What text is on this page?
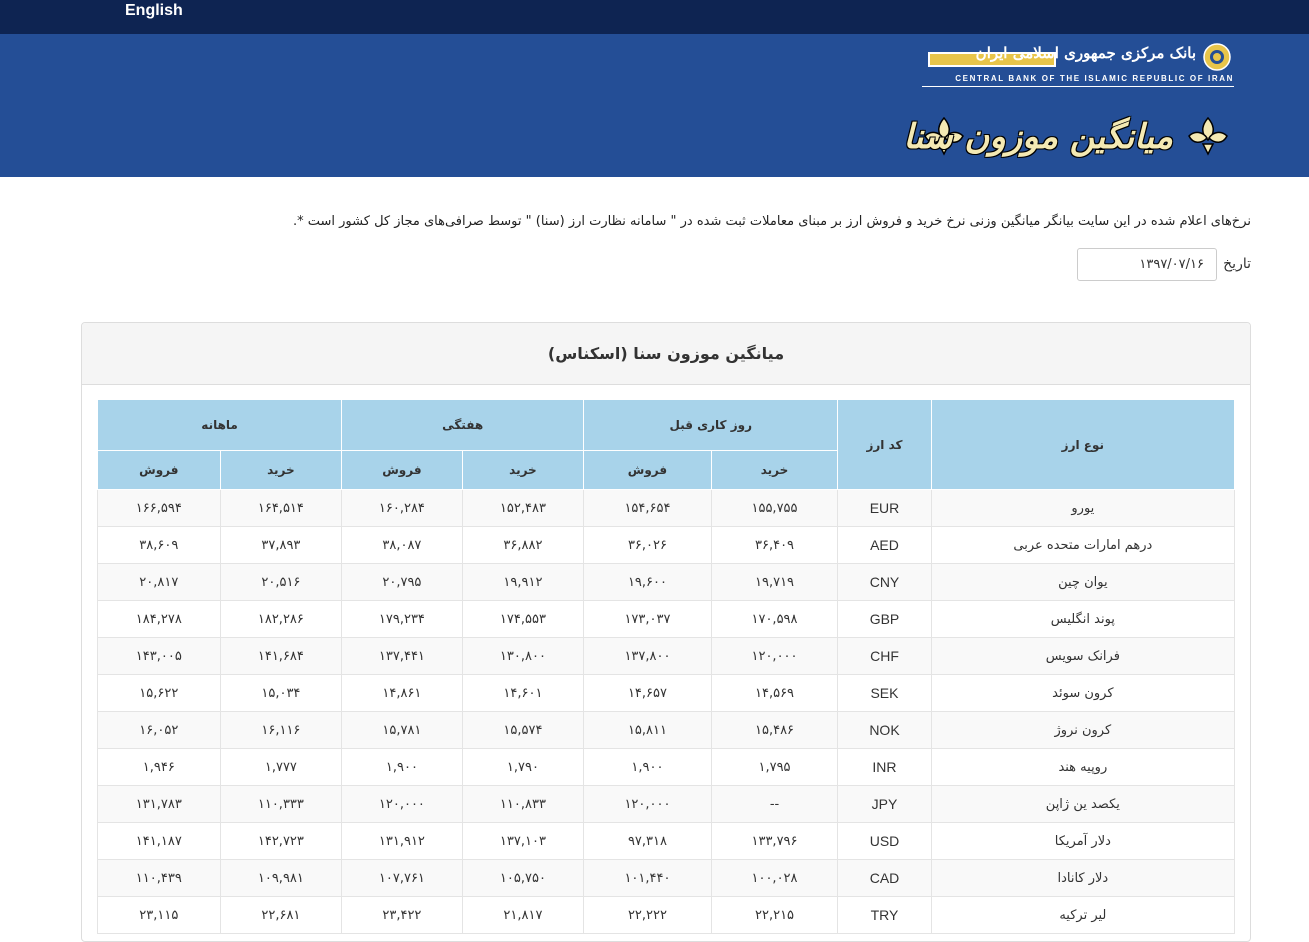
English
بانک مرکزی جمهوری اسلامی ایران
CENTRAL BANK OF THE ISLAMIC REPUBLIC OF IRAN
میانگین موزون سنا
نرخ‌های اعلام شده در این سایت بیانگر میانگین وزنی نرخ خرید و فروش ارز بر مبنای معاملات ثبت شده در " سامانه نظارت ارز (سنا) " توسط صرافی‌های مجاز کل کشور است *.
تاریخ
۱۳۹۷/۰۷/۱۶
میانگین موزون سنا (اسکناس)
نوع ارز	کد ارز	روز کاری قبل		هفتگی		ماهانه	
		خرید	فروش	خرید	فروش	خرید	فروش
یورو	EUR	۱۵۵,۷۵۵	۱۵۴,۶۵۴	۱۵۲,۴۸۳	۱۶۰,۲۸۴	۱۶۴,۵۱۴	۱۶۶,۵۹۴
درهم امارات متحده عربی	AED	۳۶,۴۰۹	۳۶,۰۲۶	۳۶,۸۸۲	۳۸,۰۸۷	۳۷,۸۹۳	۳۸,۶۰۹
یوان چین	CNY	۱۹,۷۱۹	۱۹,۶۰۰	۱۹,۹۱۲	۲۰,۷۹۵	۲۰,۵۱۶	۲۰,۸۱۷
پوند انگلیس	GBP	۱۷۰,۵۹۸	۱۷۳,۰۳۷	۱۷۴,۵۵۳	۱۷۹,۲۳۴	۱۸۲,۲۸۶	۱۸۴,۲۷۸
فرانک سویس	CHF	۱۲۰,۰۰۰	۱۳۷,۸۰۰	۱۳۰,۸۰۰	۱۳۷,۴۴۱	۱۴۱,۶۸۴	۱۴۳,۰۰۵
کرون سوئد	SEK	۱۴,۵۶۹	۱۴,۶۵۷	۱۴,۶۰۱	۱۴,۸۶۱	۱۵,۰۳۴	۱۵,۶۲۲
کرون نروژ	NOK	۱۵,۴۸۶	۱۵,۸۱۱	۱۵,۵۷۴	۱۵,۷۸۱	۱۶,۱۱۶	۱۶,۰۵۲
روپیه هند	INR	۱,۷۹۵	۱,۹۰۰	۱,۷۹۰	۱,۹۰۰	۱,۷۷۷	۱,۹۴۶
یکصد ین ژاپن	JPY	--	۱۲۰,۰۰۰	۱۱۰,۸۳۳	۱۲۰,۰۰۰	۱۱۰,۳۳۳	۱۳۱,۷۸۳
دلار آمریکا	USD	۱۳۳,۷۹۶	۹۷,۳۱۸	۱۳۷,۱۰۳	۱۳۱,۹۱۲	۱۴۲,۷۲۳	۱۴۱,۱۸۷
دلار کانادا	CAD	۱۰۰,۰۲۸	۱۰۱,۴۴۰	۱۰۵,۷۵۰	۱۰۷,۷۶۱	۱۰۹,۹۸۱	۱۱۰,۴۳۹
لیر ترکیه	TRY	۲۲,۲۱۵	۲۲,۲۲۲	۲۱,۸۱۷	۲۳,۴۲۲	۲۲,۶۸۱	۲۳,۱۱۵
